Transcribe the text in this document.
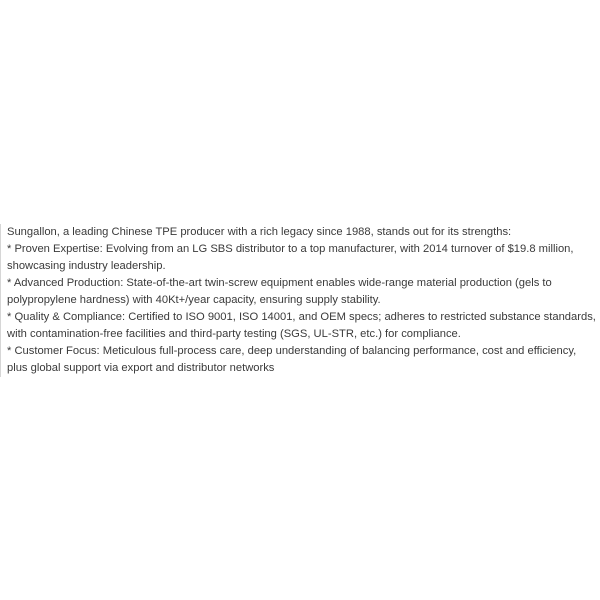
Sungallon, a leading Chinese TPE producer with a rich legacy since 1988, stands out for its strengths:

* Proven Expertise: Evolving from an LG SBS distributor to a top manufacturer, with 2014 turnover of $19.8 million, showcasing industry leadership.

* Advanced Production: State-of-the-art twin-screw equipment enables wide-range material production (gels to polypropylene hardness) with 40Kt+/year capacity, ensuring supply stability.

* Quality & Compliance: Certified to ISO 9001, ISO 14001, and OEM specs; adheres to restricted substance standards, with contamination-free facilities and third-party testing (SGS, UL-STR, etc.) for compliance.

* Customer Focus: Meticulous full-process care, deep understanding of balancing performance, cost and efficiency, plus global support via export and distributor networks
